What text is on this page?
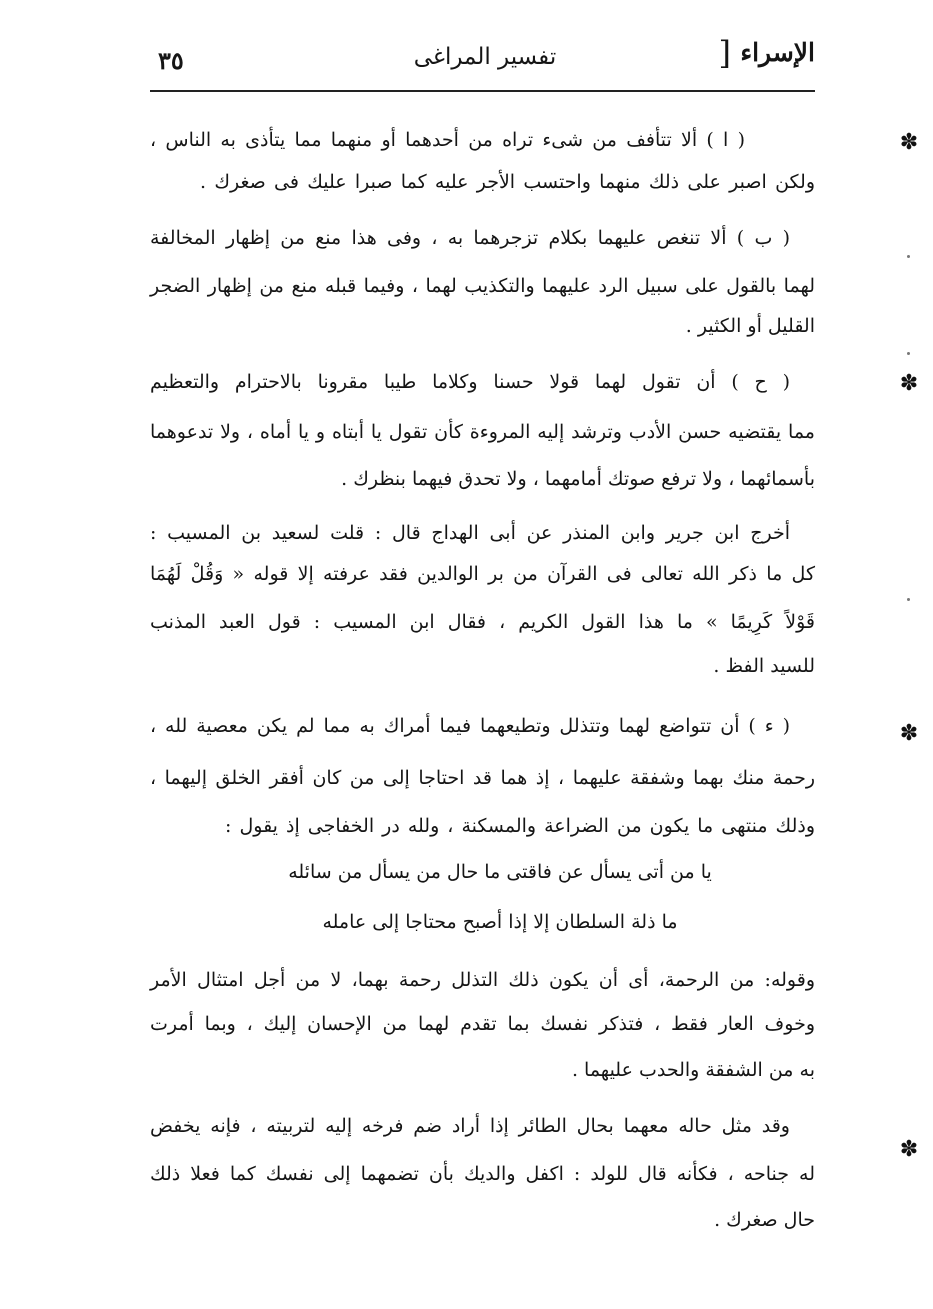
الإسراء
]
تفسير المراغى
٣٥
( ا ) ألا تتأفف من شىء تراه من أحدهما أو منهما مما يتأذى به الناس ،
ولكن اصبر على ذلك منهما واحتسب الأجر عليه كما صبرا عليك فى صغرك .
( ب ) ألا تنغص عليهما بكلام تزجرهما به ، وفى هذا منع من إظهار المخالفة
لهما بالقول على سبيل الرد عليهما والتكذيب لهما ، وفيما قبله منع من إظهار الضجر
القليل أو الكثير .
( ح ) أن تقول لهما قولا حسنا وكلاما طيبا مقرونا بالاحترام والتعظيم
مما يقتضيه حسن الأدب وترشد إليه المروءة كأن تقول يا أبتاه و يا أماه ، ولا تدعوهما
بأسمائهما ، ولا ترفع صوتك أمامهما ، ولا تحدق فيهما بنظرك .
أخرج ابن جرير وابن المنذر عن أبى الهداج قال : قلت لسعيد بن المسيب :
كل ما ذكر الله تعالى فى القرآن من بر الوالدين فقد عرفته إلا قوله « وَقُلْ لَهُمَا
قَوْلاً كَرِيمًا » ما هذا القول الكريم ، فقال ابن المسيب : قول العبد المذنب
للسيد الفظ .
( ء ) أن تتواضع لهما وتتذلل وتطيعهما فيما أمراك به مما لم يكن معصية لله ،
رحمة منك بهما وشفقة عليهما ، إذ هما قد احتاجا إلى من كان أفقر الخلق إليهما ،
وذلك منتهى ما يكون من الضراعة والمسكنة ، ولله در الخفاجى إذ يقول :
يا من أتى يسأل عن فاقتى ما حال من يسأل من سائله
ما ذلة السلطان إلا إذا أصبح محتاجا إلى عامله
وقوله: من الرحمة، أى أن يكون ذلك التذلل رحمة بهما، لا من أجل امتثال الأمر
وخوف العار فقط ، فتذكر نفسك بما تقدم لهما من الإحسان إليك ، وبما أمرت
به من الشفقة والحدب عليهما .
وقد مثل حاله معهما بحال الطائر إذا أراد ضم فرخه إليه لتربيته ، فإنه يخفض
له جناحه ، فكأنه قال للولد : اكفل والديك بأن تضمهما إلى نفسك كما فعلا ذلك
حال صغرك .
✽
✽
✽
✽
